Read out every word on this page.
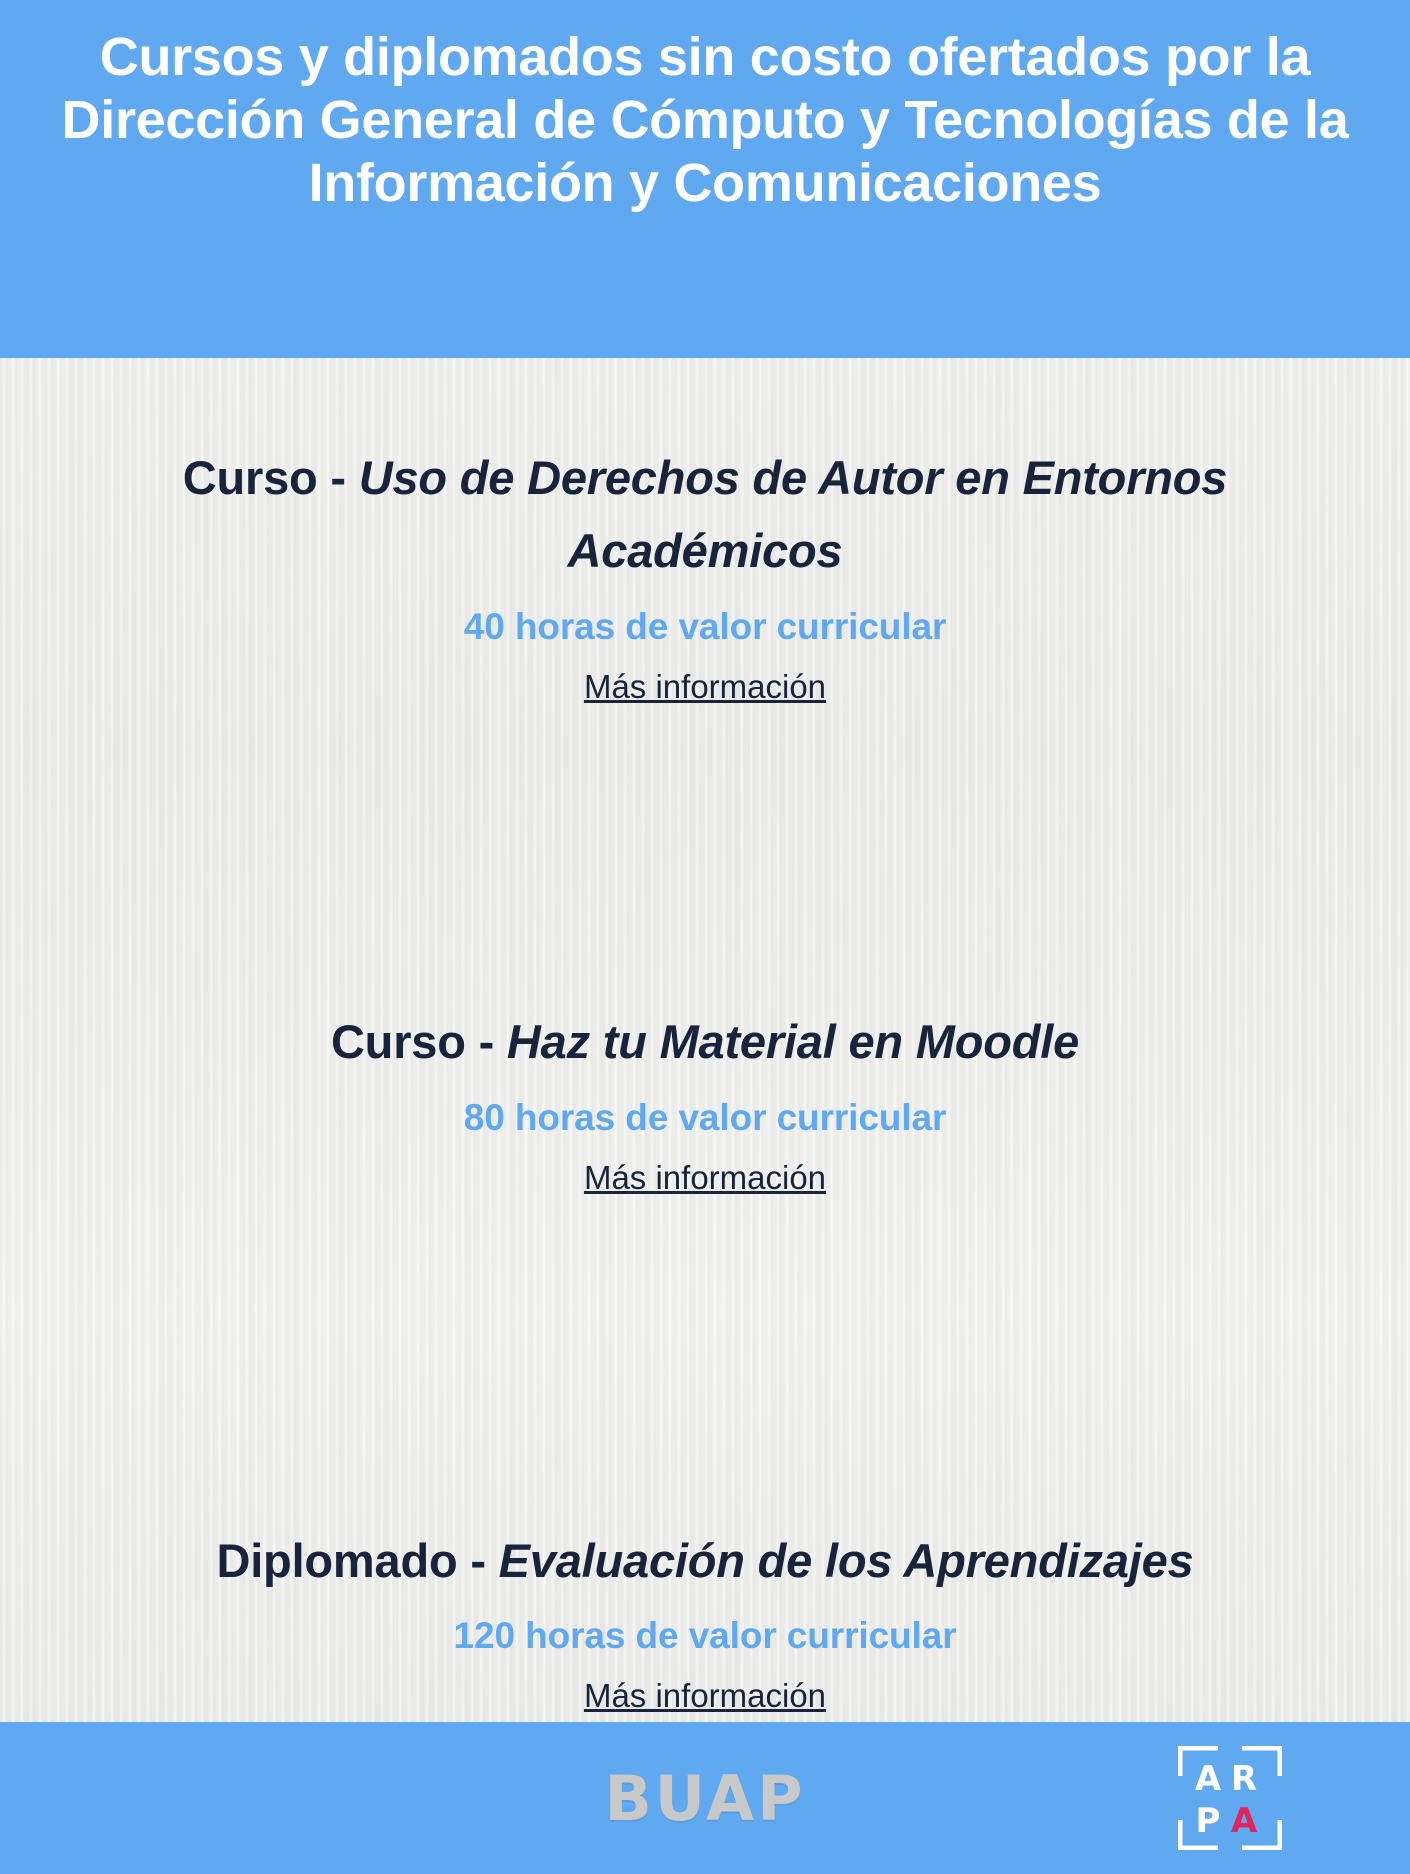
Cursos y diplomados sin costo ofertados por la Dirección General de Cómputo y Tecnologías de la Información y Comunicaciones
Curso - Uso de Derechos de Autor en Entornos Académicos
40 horas de valor curricular
Más información
Curso - Haz tu Material en Moodle
80 horas de valor curricular
Más información
Diplomado - Evaluación de los Aprendizajes
120 horas de valor curricular
Más información
BUAP	A R
P A
